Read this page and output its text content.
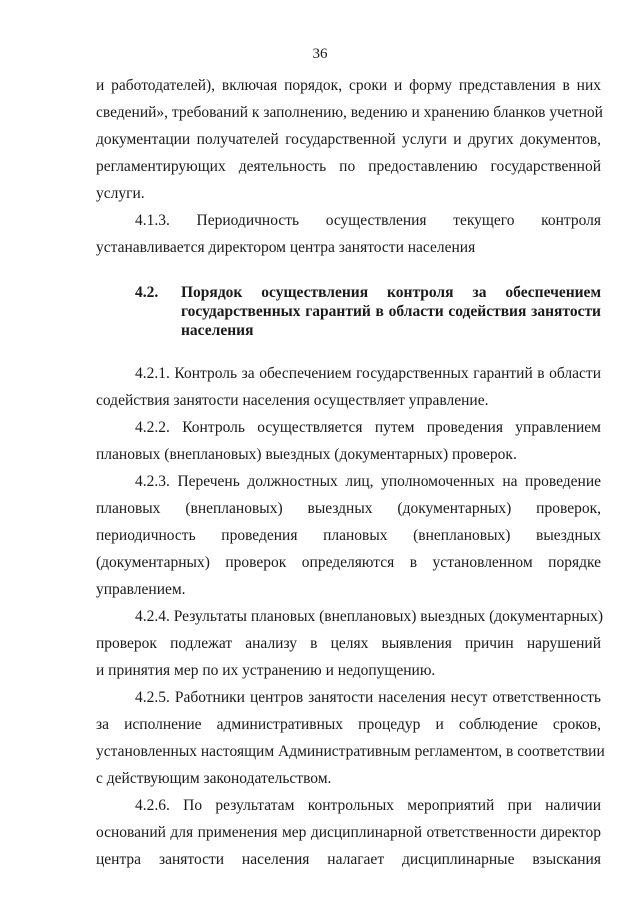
36
и работодателей), включая порядок, сроки и форму представления в них
сведений», требований к заполнению, ведению и хранению бланков учетной
документации получателей государственной услуги и других документов,
регламентирующих деятельность по предоставлению государственной
услуги.
4.1.3. Периодичность осуществления текущего контроля
устанавливается директором центра занятости населения
4.2. Порядок осуществления контроля за обеспечением
государственных гарантий в области содействия занятости
населения
4.2.1. Контроль за обеспечением государственных гарантий в области
содействия занятости населения осуществляет управление.
4.2.2. Контроль осуществляется путем проведения управлением
плановых (внеплановых) выездных (документарных) проверок.
4.2.3. Перечень должностных лиц, уполномоченных на проведение
плановых (внеплановых) выездных (документарных) проверок,
периодичность проведения плановых (внеплановых) выездных
(документарных) проверок определяются в установленном порядке
управлением.
4.2.4. Результаты плановых (внеплановых) выездных (документарных)
проверок подлежат анализу в целях выявления причин нарушений
и принятия мер по их устранению и недопущению.
4.2.5. Работники центров занятости населения несут ответственность
за исполнение административных процедур и соблюдение сроков,
установленных настоящим Административным регламентом, в соответствии
с действующим законодательством.
4.2.6. По результатам контрольных мероприятий при наличии
оснований для применения мер дисциплинарной ответственности директор
центра занятости населения налагает дисциплинарные взыскания
